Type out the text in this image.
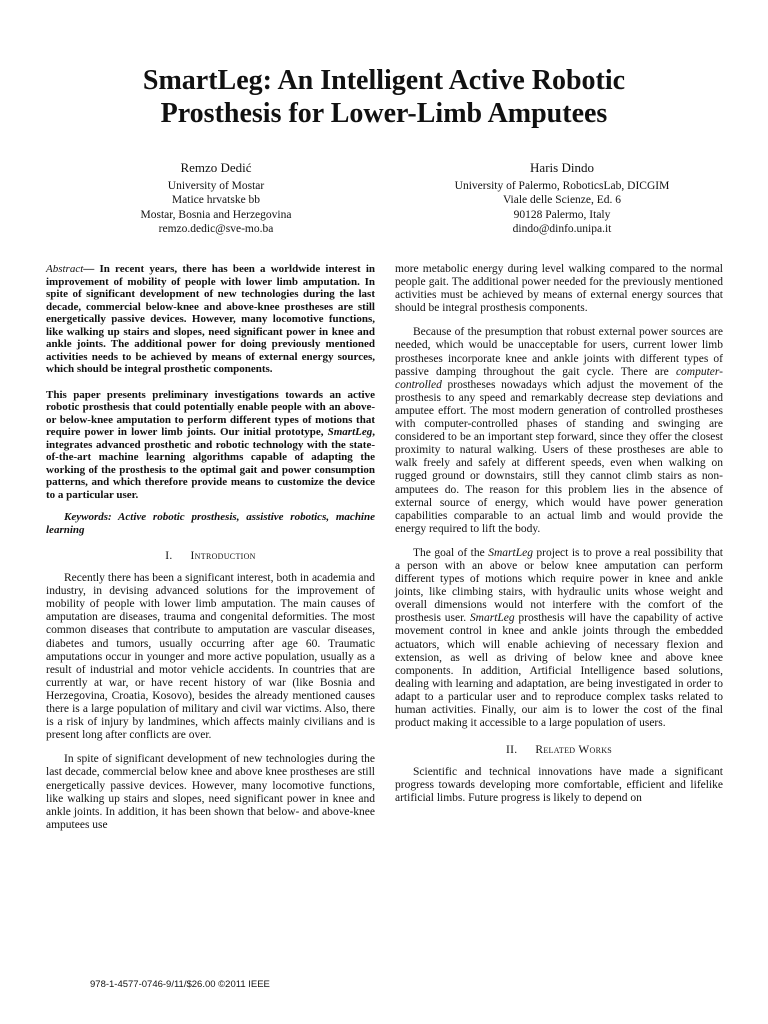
SmartLeg: An Intelligent Active Robotic
Prosthesis for Lower-Limb Amputees
Remzo Dedić
University of Mostar
Matice hrvatske bb
Mostar, Bosnia and Herzegovina
remzo.dedic@sve-mo.ba
Haris Dindo
University of Palermo, RoboticsLab, DICGIM
Viale delle Scienze, Ed. 6
90128 Palermo, Italy
dindo@dinfo.unipa.it

Abstract— In recent years, there has been a worldwide interest in improvement of mobility of people with lower limb amputation. In spite of significant development of new technologies during the last decade, commercial below-knee and above-knee prostheses are still energetically passive devices. However, many locomotive functions, like walking up stairs and slopes, need significant power in knee and ankle joints. The additional power for doing previously mentioned activities needs to be achieved by means of external energy sources, which should be integral prosthetic components.

This paper presents preliminary investigations towards an active robotic prosthesis that could potentially enable people with an above- or below-knee amputation to perform different types of motions that require power in lower limb joints. Our initial prototype, SmartLeg, integrates advanced prosthetic and robotic technology with the state-of-the-art machine learning algorithms capable of adapting the working of the prosthesis to the optimal gait and power consumption patterns, and which therefore provide means to customize the device to a particular user.

Keywords: Active robotic prosthesis, assistive robotics, machine learning

I. Introduction

Recently there has been a significant interest, both in academia and industry, in devising advanced solutions for the improvement of mobility of people with lower limb amputation. The main causes of amputation are diseases, trauma and congenital deformities. The most common diseases that contribute to amputation are vascular diseases, diabetes and tumors, usually occurring after age 60. Traumatic amputations occur in younger and more active population, usually as a result of industrial and motor vehicle accidents. In countries that are currently at war, or have recent history of war (like Bosnia and Herzegovina, Croatia, Kosovo), besides the already mentioned causes there is a large population of military and civil war victims. Also, there is a risk of injury by landmines, which affects mainly civilians and is present long after conflicts are over.

In spite of significant development of new technologies during the last decade, commercial below knee and above knee prostheses are still energetically passive devices. However, many locomotive functions, like walking up stairs and slopes, need significant power in knee and ankle joints. In addition, it has been shown that below- and above-knee amputees use

more metabolic energy during level walking compared to the normal people gait. The additional power needed for the previously mentioned activities must be achieved by means of external energy sources that should be integral prosthesis components.

Because of the presumption that robust external power sources are needed, which would be unacceptable for users, current lower limb prostheses incorporate knee and ankle joints with different types of passive damping throughout the gait cycle. There are computer-controlled prostheses nowadays which adjust the movement of the prosthesis to any speed and remarkably decrease step deviations and amputee effort. The most modern generation of controlled prostheses with computer-controlled phases of standing and swinging are considered to be an important step forward, since they offer the closest proximity to natural walking. Users of these prostheses are able to walk freely and safely at different speeds, even when walking on rugged ground or downstairs, still they cannot climb stairs as non-amputees do. The reason for this problem lies in the absence of external source of energy, which would have power generation capabilities comparable to an actual limb and would provide the energy required to lift the body.

The goal of the SmartLeg project is to prove a real possibility that a person with an above or below knee amputation can perform different types of motions which require power in knee and ankle joints, like climbing stairs, with hydraulic units whose weight and overall dimensions would not interfere with the comfort of the prosthesis user. SmartLeg prosthesis will have the capability of active movement control in knee and ankle joints through the embedded actuators, which will enable achieving of necessary flexion and extension, as well as driving of below knee and above knee components. In addition, Artificial Intelligence based solutions, dealing with learning and adaptation, are being investigated in order to adapt to a particular user and to reproduce complex tasks related to human activities. Finally, our aim is to lower the cost of the final product making it accessible to a large population of users.

II. Related Works

Scientific and technical innovations have made a significant progress towards developing more comfortable, efficient and lifelike artificial limbs. Future progress is likely to depend on

978-1-4577-0746-9/11/$26.00 ©2011 IEEE
